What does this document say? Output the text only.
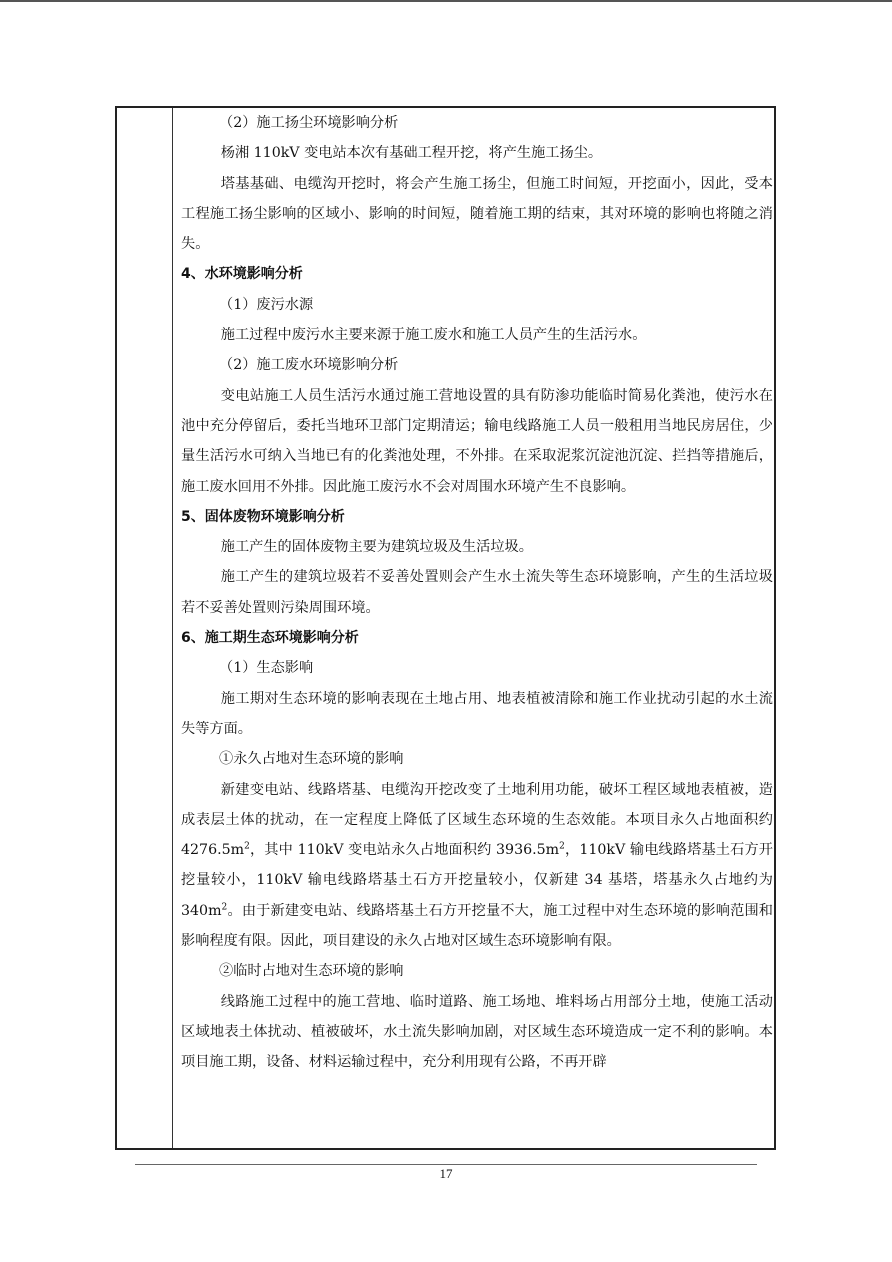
（2）施工扬尘环境影响分析

杨湘 110kV 变电站本次有基础工程开挖，将产生施工扬尘。

塔基基础、电缆沟开挖时，将会产生施工扬尘，但施工时间短，开挖面小，因此，受本工程施工扬尘影响的区域小、影响的时间短，随着施工期的结束，其对环境的影响也将随之消失。

4、水环境影响分析

（1）废污水源

施工过程中废污水主要来源于施工废水和施工人员产生的生活污水。

（2）施工废水环境影响分析

变电站施工人员生活污水通过施工营地设置的具有防渗功能临时简易化粪池，使污水在池中充分停留后，委托当地环卫部门定期清运；输电线路施工人员一般租用当地民房居住，少量生活污水可纳入当地已有的化粪池处理，不外排。在采取泥浆沉淀池沉淀、拦挡等措施后，施工废水回用不外排。因此施工废污水不会对周围水环境产生不良影响。

5、固体废物环境影响分析

施工产生的固体废物主要为建筑垃圾及生活垃圾。

施工产生的建筑垃圾若不妥善处置则会产生水土流失等生态环境影响，产生的生活垃圾若不妥善处置则污染周围环境。

6、施工期生态环境影响分析

（1）生态影响

施工期对生态环境的影响表现在土地占用、地表植被清除和施工作业扰动引起的水土流失等方面。

①永久占地对生态环境的影响

新建变电站、线路塔基、电缆沟开挖改变了土地利用功能，破坏工程区域地表植被，造成表层土体的扰动，在一定程度上降低了区域生态环境的生态效能。本项目永久占地面积约 $4276.5m^2$，其中 110kV 变电站永久占地面积约 $3936.5m^2$，110kV 输电线路塔基土石方开挖量较小，110kV 输电线路塔基土石方开挖量较小，仅新建 34 基塔，塔基永久占地约为 $340m^2$。由于新建变电站、线路塔基土石方开挖量不大，施工过程中对生态环境的影响范围和影响程度有限。因此，项目建设的永久占地对区域生态环境影响有限。

②临时占地对生态环境的影响

线路施工过程中的施工营地、临时道路、施工场地、堆料场占用部分土地，使施工活动区域地表土体扰动、植被破坏，水土流失影响加剧，对区域生态环境造成一定不利的影响。本项目施工期，设备、材料运输过程中，充分利用现有公路，不再开辟

17
